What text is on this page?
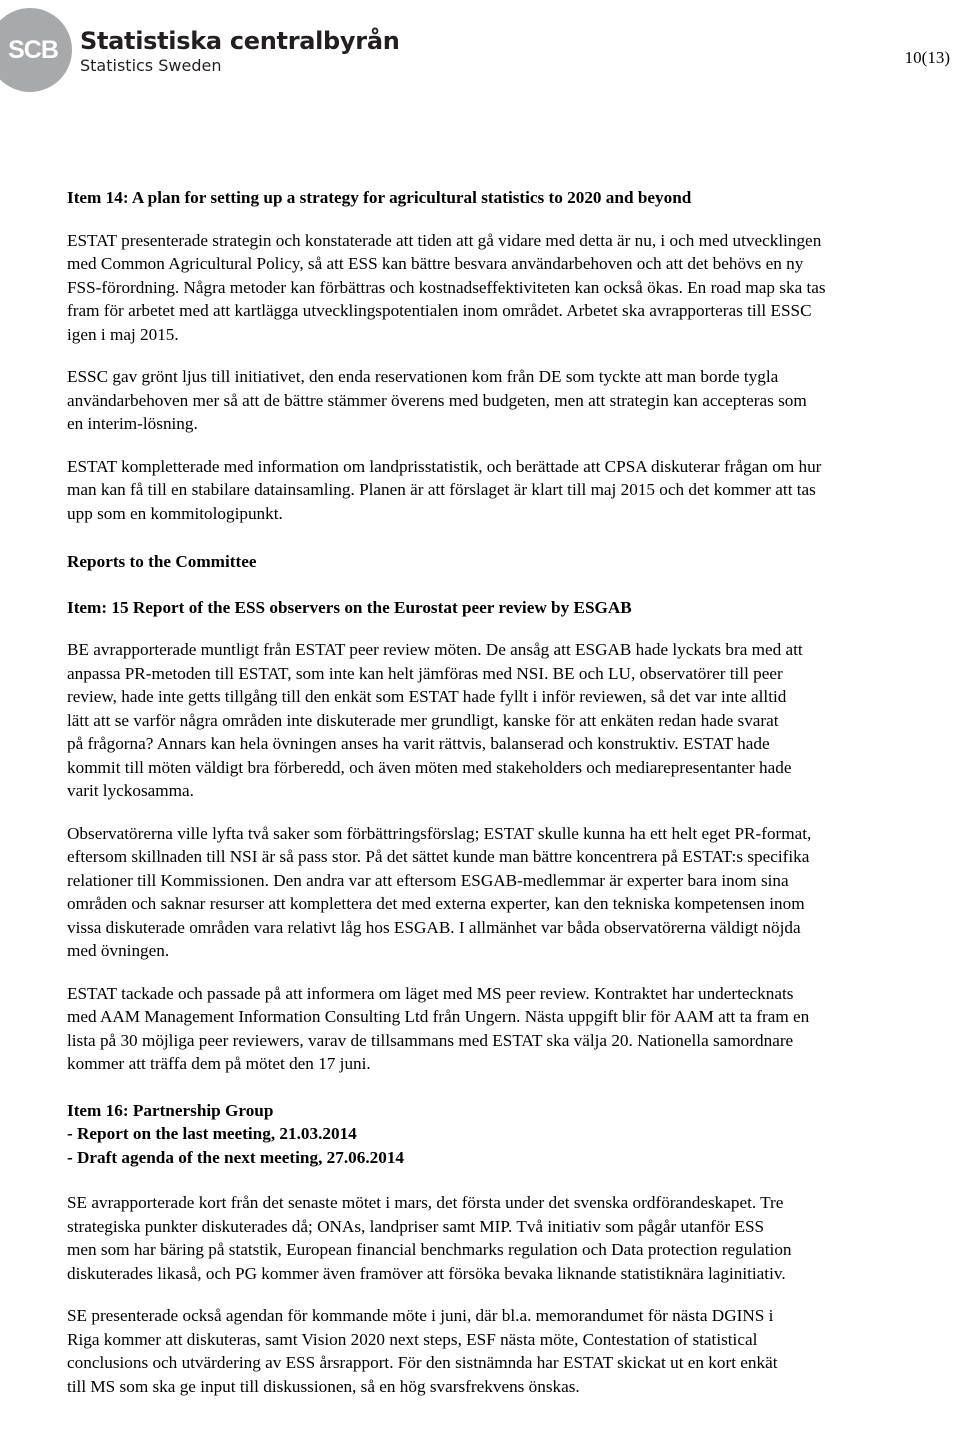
SCB Statistiska centralbyrån
Statistics Sweden	10(13)
Item 14: A plan for setting up a strategy for agricultural statistics to 2020 and beyond

ESTAT presenterade strategin och konstaterade att tiden att gå vidare med detta är nu, i och med utvecklingen
med Common Agricultural Policy, så att ESS kan bättre besvara användarbehoven och att det behövs en ny
FSS-förordning. Några metoder kan förbättras och kostnadseffektiviteten kan också ökas. En road map ska tas
fram för arbetet med att kartlägga utvecklingspotentialen inom området. Arbetet ska avrapporteras till ESSC
igen i maj 2015.

ESSC gav grönt ljus till initiativet, den enda reservationen kom från DE som tyckte att man borde tygla
användarbehoven mer så att de bättre stämmer överens med budgeten, men att strategin kan accepteras som
en interim-lösning.

ESTAT kompletterade med information om landprisstatistik, och berättade att CPSA diskuterar frågan om hur
man kan få till en stabilare datainsamling. Planen är att förslaget är klart till maj 2015 och det kommer att tas
upp som en kommitologipunkt.

Reports to the Committee
Item: 15 Report of the ESS observers on the Eurostat peer review by ESGAB

BE avrapporterade muntligt från ESTAT peer review möten. De ansåg att ESGAB hade lyckats bra med att
anpassa PR-metoden till ESTAT, som inte kan helt jämföras med NSI. BE och LU, observatörer till peer
review, hade inte getts tillgång till den enkät som ESTAT hade fyllt i inför reviewen, så det var inte alltid
lätt att se varför några områden inte diskuterade mer grundligt, kanske för att enkäten redan hade svarat
på frågorna? Annars kan hela övningen anses ha varit rättvis, balanserad och konstruktiv. ESTAT hade
kommit till möten väldigt bra förberedd, och även möten med stakeholders och mediarepresentanter hade
varit lyckosamma.

Observatörerna ville lyfta två saker som förbättringsförslag; ESTAT skulle kunna ha ett helt eget PR-format,
eftersom skillnaden till NSI är så pass stor. På det sättet kunde man bättre koncentrera på ESTAT:s specifika
relationer till Kommissionen. Den andra var att eftersom ESGAB-medlemmar är experter bara inom sina
områden och saknar resurser att komplettera det med externa experter, kan den tekniska kompetensen inom
vissa diskuterade områden vara relativt låg hos ESGAB. I allmänhet var båda observatörerna väldigt nöjda
med övningen.

ESTAT tackade och passade på att informera om läget med MS peer review. Kontraktet har undertecknats
med AAM Management Information Consulting Ltd från Ungern. Nästa uppgift blir för AAM att ta fram en
lista på 30 möjliga peer reviewers, varav de tillsammans med ESTAT ska välja 20. Nationella samordnare
kommer att träffa dem på mötet den 17 juni.

Item 16: Partnership Group
- Report on the last meeting, 21.03.2014
- Draft agenda of the next meeting, 27.06.2014

SE avrapporterade kort från det senaste mötet i mars, det första under det svenska ordförandeskapet. Tre
strategiska punkter diskuterades då; ONAs, landpriser samt MIP. Två initiativ som pågår utanför ESS
men som har bäring på statstik, European financial benchmarks regulation och Data protection regulation
diskuterades likaså, och PG kommer även framöver att försöka bevaka liknande statistiknära laginitiativ.

SE presenterade också agendan för kommande möte i juni, där bl.a. memorandumet för nästa DGINS i
Riga kommer att diskuteras, samt Vision 2020 next steps, ESF nästa möte, Contestation of statistical
conclusions och utvärdering av ESS årsrapport. För den sistnämnda har ESTAT skickat ut en kort enkät
till MS som ska ge input till diskussionen, så en hög svarsfrekvens önskas.
